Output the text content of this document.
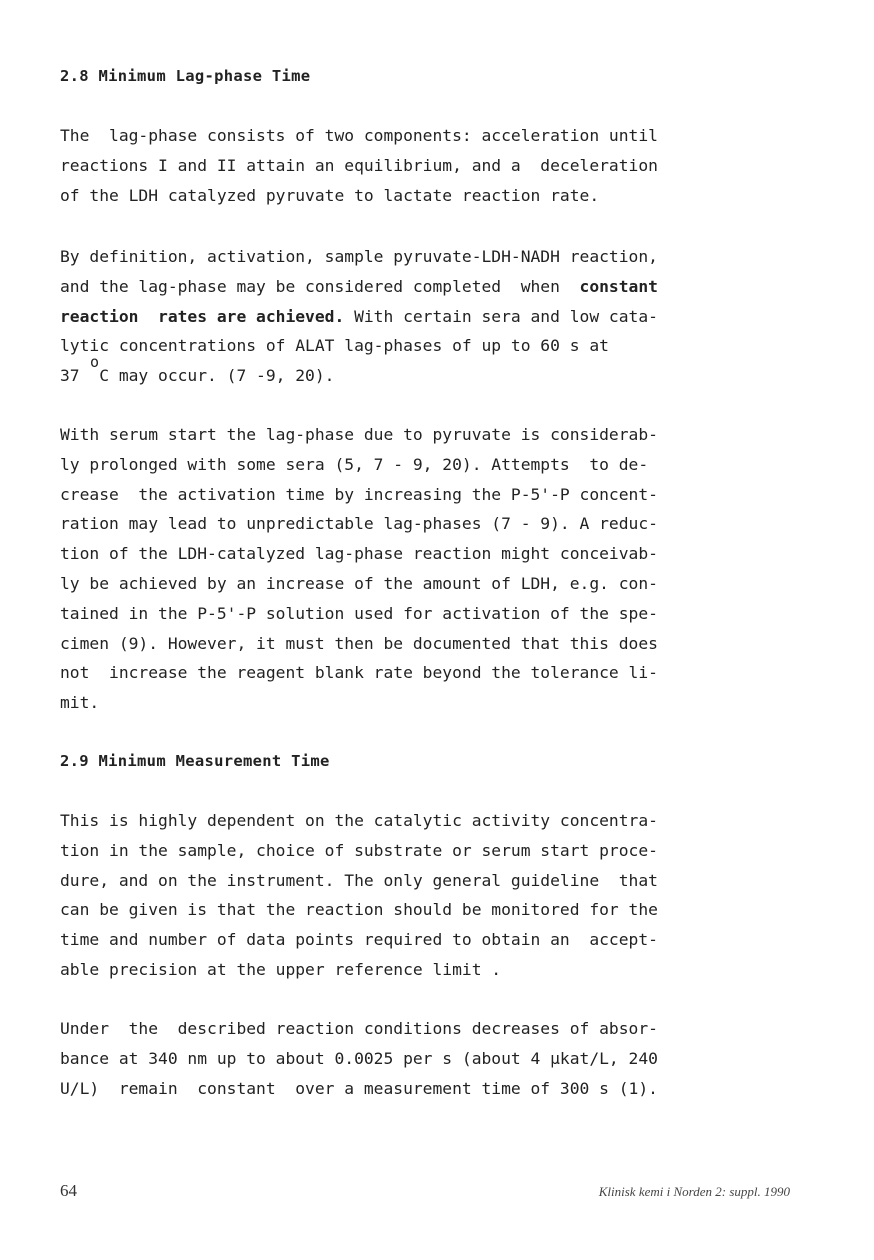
2.8 Minimum Lag-phase Time

The  lag-phase consists of two components: acceleration until
reactions I and II attain an equilibrium, and a  deceleration
of the LDH catalyzed pyruvate to lactate reaction rate.

By definition, activation, sample pyruvate-LDH-NADH reaction,
and the lag-phase may be considered completed  when  constant
reaction  rates are achieved. With certain sera and low cata-
lytic concentrations of ALAT lag-phases of up to 60 s at
37  C may occur. (7 -9, 20).
o

With serum start the lag-phase due to pyruvate is considerab-
ly prolonged with some sera (5, 7 - 9, 20). Attempts  to de-
crease  the activation time by increasing the P-5'-P concent-
ration may lead to unpredictable lag-phases (7 - 9). A reduc-
tion of the LDH-catalyzed lag-phase reaction might conceivab-
ly be achieved by an increase of the amount of LDH, e.g. con-
tained in the P-5'-P solution used for activation of the spe-
cimen (9). However, it must then be documented that this does
not  increase the reagent blank rate beyond the tolerance li-
mit.

2.9 Minimum Measurement Time

This is highly dependent on the catalytic activity concentra-
tion in the sample, choice of substrate or serum start proce-
dure, and on the instrument. The only general guideline  that
can be given is that the reaction should be monitored for the
time and number of data points required to obtain an  accept-
able precision at the upper reference limit .

Under  the  described reaction conditions decreases of absor-
bance at 340 nm up to about 0.0025 per s (about 4 µkat/L, 240
U/L)  remain  constant  over a measurement time of 300 s (1).

64	Klinisk kemi i Norden 2: suppl. 1990
